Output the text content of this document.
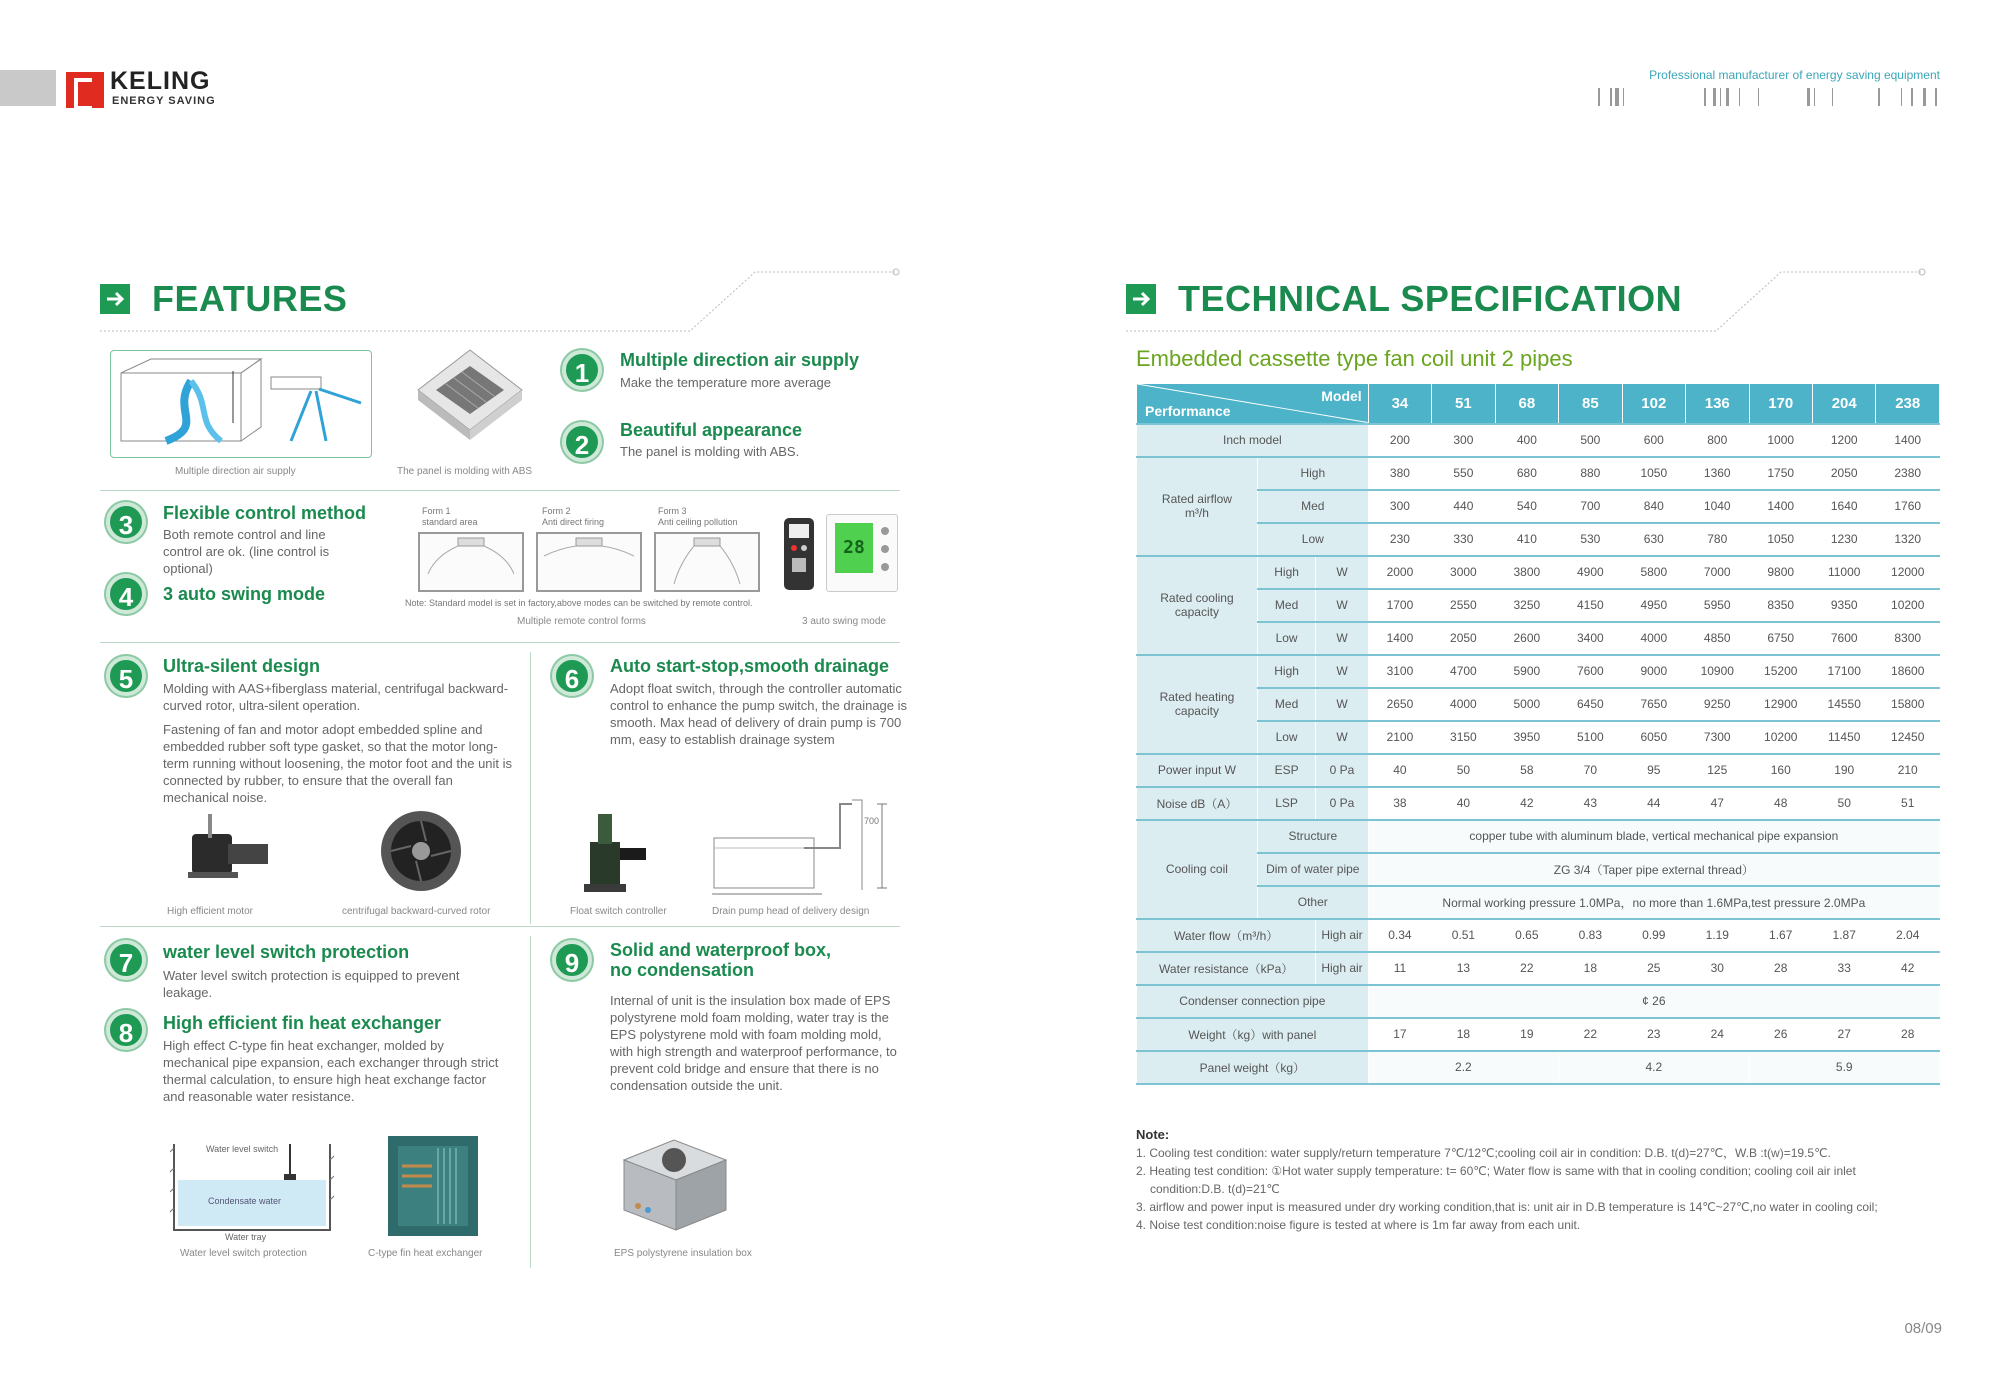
KELING
ENERGY SAVING
Professional manufacturer of energy saving equipment
FEATURES
Multiple direction air supply	The panel is molding with ABS
1	Multiple direction air supply
Make the temperature more average
2	Beautiful appearance
The panel is molding with ABS.
3	Flexible control method
Both remote control and line control are ok. (line control is optional)
4	3 auto swing mode
Form 1
standard area
Form 2
Anti direct firing
Form 3
Anti ceiling pollution
28
Note: Standard model is set in factory,above modes can be switched by remote control.
Multiple remote control forms	3 auto swing mode
5	Ultra-silent design
Molding with AAS+fiberglass material, centrifugal backward-curved rotor, ultra-silent operation.
Fastening of fan and motor adopt embedded spline and embedded rubber soft type gasket, so that the motor long-term running without loosening, the motor foot and the unit is connected by rubber, to ensure that the overall fan mechanical noise.
High efficient motor	centrifugal backward-curved rotor
6	Auto start-stop,smooth drainage
Adopt float switch, through the controller automatic control to enhance the pump switch, the drainage is smooth. Max head of delivery of drain pump is 700 mm, easy to establish drainage system
Float switch controller
700
Drain pump head of delivery design
7	water level switch protection
Water level switch protection is equipped to prevent leakage.
8	High efficient fin heat exchanger
High effect C-type fin heat exchanger, molded by mechanical pipe expansion, each exchanger through strict thermal calculation, to ensure high heat exchange factor and reasonable water resistance.
Water level switch
Condensate water
Water tray
Water level switch protection	C-type fin heat exchanger
9	Solid and waterproof box,
no condensation
Internal of unit is the insulation box made of EPS polystyrene mold foam molding, water tray is the EPS polystyrene mold with foam molding mold, with high strength and waterproof performance, to prevent cold bridge and ensure that there is no condensation outside the unit.
EPS polystyrene insulation box
TECHNICAL SPECIFICATION
Embedded cassette type fan coil unit 2 pipes
Model
Performance			34	51	68	85	102	136	170	204	238
Inch model			200	300	400	500	600	800	1000	1200	1400

Rated airflow
m³/h	High		380	550	680	880	1050	1360	1750	2050	2380
	Med		300	440	540	700	840	1040	1400	1640	1760
	Low		230	330	410	530	630	780	1050	1230	1320
Rated cooling capacity	High	W	2000	3000	3800	4900	5800	7000	9800	11000	12000
	Med	W	1700	2550	3250	4150	4950	5950	8350	9350	10200
	Low	W	1400	2050	2600	3400	4000	4850	6750	7600	8300
Rated heating capacity	High	W	3100	4700	5900	7600	9000	10900	15200	17100	18600
	Med	W	2650	4000	5000	6450	7650	9250	12900	14550	15800
	Low	W	2100	3150	3950	5100	6050	7300	10200	11450	12450
Power input W	ESP	0 Pa	40	50	58	70	95	125	160	190	210
Noise dB（A）	LSP	0 Pa	38	40	42	43	44	47	48	50	51
Cooling coil	Structure		copper tube with aluminum blade, vertical mechanical pipe expansion								
	Dim of water pipe		ZG 3/4（Taper pipe external thread）								
	Other		Normal working pressure 1.0MPa，no more than 1.6MPa,test pressure 2.0MPa								
Water flow（m³/h）		High air	0.34	0.51	0.65	0.83	0.99	1.19	1.67	1.87	2.04
Water resistance（kPa）		High air	11	13	22	18	25	30	28	33	42
Condenser connection pipe			¢ 26								
Weight（kg）with panel			17	18	19	22	23	24	26	27	28
Panel weight（kg）			2.2			4.2			5.9		
Note:
1. Cooling test condition: water supply/return temperature 7℃/12℃;cooling coil air in condition: D.B. t(d)=27℃，W.B :t(w)=19.5℃.
2. Heating test condition: ①Hot water supply temperature: t= 60℃; Water flow is same with that in cooling condition; cooling coil air inlet
condition:D.B. t(d)=21℃
3. airflow and power input is measured under dry working condition,that is: unit air in D.B temperature is 14℃~27℃,no water in cooling coil;
4. Noise test condition:noise figure is tested at where is 1m far away from each unit.
08/09
